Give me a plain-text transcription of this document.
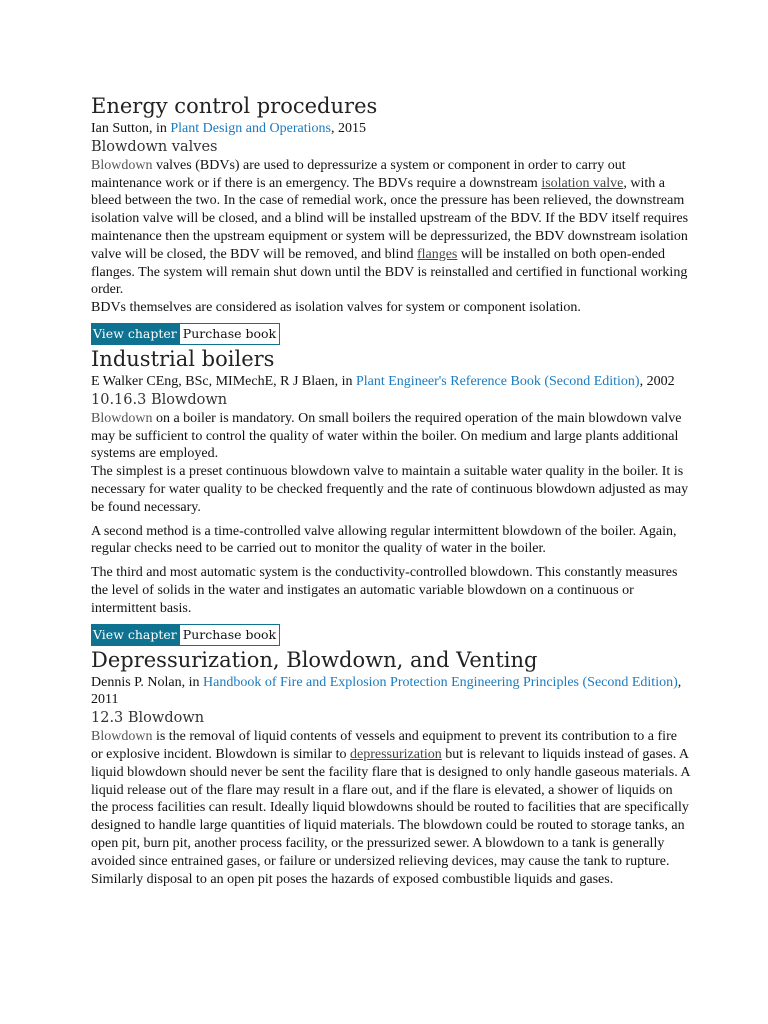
Energy control procedures

Ian Sutton, in Plant Design and Operations, 2015

Blowdown valves

Blowdown valves (BDVs) are used to depressurize a system or component in order to carry out maintenance work or if there is an emergency. The BDVs require a downstream isolation valve, with a bleed between the two. In the case of remedial work, once the pressure has been relieved, the downstream isolation valve will be closed, and a blind will be installed upstream of the BDV. If the BDV itself requires maintenance then the upstream equipment or system will be depressurized, the BDV downstream isolation valve will be closed, the BDV will be removed, and blind flanges will be installed on both open-ended flanges. The system will remain shut down until the BDV is reinstalled and certified in functional working order.

BDVs themselves are considered as isolation valves for system or component isolation.

View chapter Purchase book
Industrial boilers

E Walker CEng, BSc, MIMechE, R J Blaen, in Plant Engineer's Reference Book (Second Edition), 2002

10.16.3 Blowdown

Blowdown on a boiler is mandatory. On small boilers the required operation of the main blowdown valve may be sufficient to control the quality of water within the boiler. On medium and large plants additional systems are employed.

The simplest is a preset continuous blowdown valve to maintain a suitable water quality in the boiler. It is necessary for water quality to be checked frequently and the rate of continuous blowdown adjusted as may be found necessary.

A second method is a time-controlled valve allowing regular intermittent blowdown of the boiler. Again, regular checks need to be carried out to monitor the quality of water in the boiler.

The third and most automatic system is the conductivity-controlled blowdown. This constantly measures the level of solids in the water and instigates an automatic variable blowdown on a continuous or intermittent basis.

View chapter Purchase book
Depressurization, Blowdown, and Venting

Dennis P. Nolan, in Handbook of Fire and Explosion Protection Engineering Principles (Second Edition), 2011

12.3 Blowdown

Blowdown is the removal of liquid contents of vessels and equipment to prevent its contribution to a fire or explosive incident. Blowdown is similar to depressurization but is relevant to liquids instead of gases. A liquid blowdown should never be sent the facility flare that is designed to only handle gaseous materials. A liquid release out of the flare may result in a flare out, and if the flare is elevated, a shower of liquids on the process facilities can result. Ideally liquid blowdowns should be routed to facilities that are specifically designed to handle large quantities of liquid materials. The blowdown could be routed to storage tanks, an open pit, burn pit, another process facility, or the pressurized sewer. A blowdown to a tank is generally avoided since entrained gases, or failure or undersized relieving devices, may cause the tank to rupture. Similarly disposal to an open pit poses the hazards of exposed combustible liquids and gases.
